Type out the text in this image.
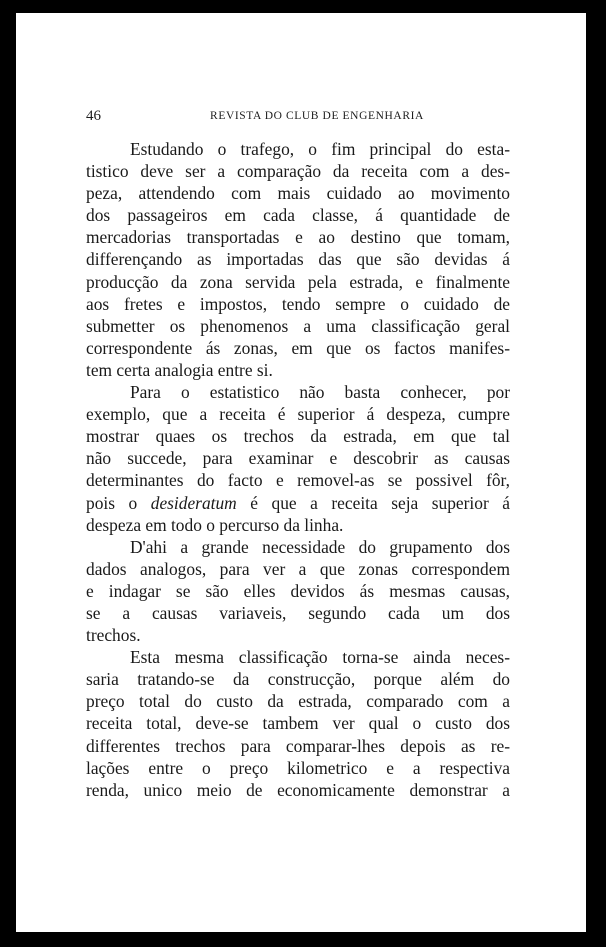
46	REVISTA DO CLUB DE ENGENHARIA

Estudando o trafego, o fim principal do esta-
tistico deve ser a comparação da receita com a des-
peza, attendendo com mais cuidado ao movimento
dos passageiros em cada classe, á quantidade de
mercadorias transportadas e ao destino que tomam,
differençando as importadas das que são devidas á
producção da zona servida pela estrada, e finalmente
aos fretes e impostos, tendo sempre o cuidado de
submetter os phenomenos a uma classificação geral
correspondente ás zonas, em que os factos manifes-
tem certa analogia entre si.

Para o estatistico não basta conhecer, por
exemplo, que a receita é superior á despeza, cumpre
mostrar quaes os trechos da estrada, em que tal
não succede, para examinar e descobrir as causas
determinantes do facto e removel-as se possivel fôr,
pois o desideratum é que a receita seja superior á
despeza em todo o percurso da linha.

D'ahi a grande necessidade do grupamento dos
dados analogos, para ver a que zonas correspondem
e indagar se são elles devidos ás mesmas causas,
se a causas variaveis, segundo cada um dos
trechos.

Esta mesma classificação torna-se ainda neces-
saria tratando-se da construcção, porque além do
preço total do custo da estrada, comparado com a
receita total, deve-se tambem ver qual o custo dos
differentes trechos para comparar-lhes depois as re-
lações entre o preço kilometrico e a respectiva
renda, unico meio de economicamente demonstrar a
